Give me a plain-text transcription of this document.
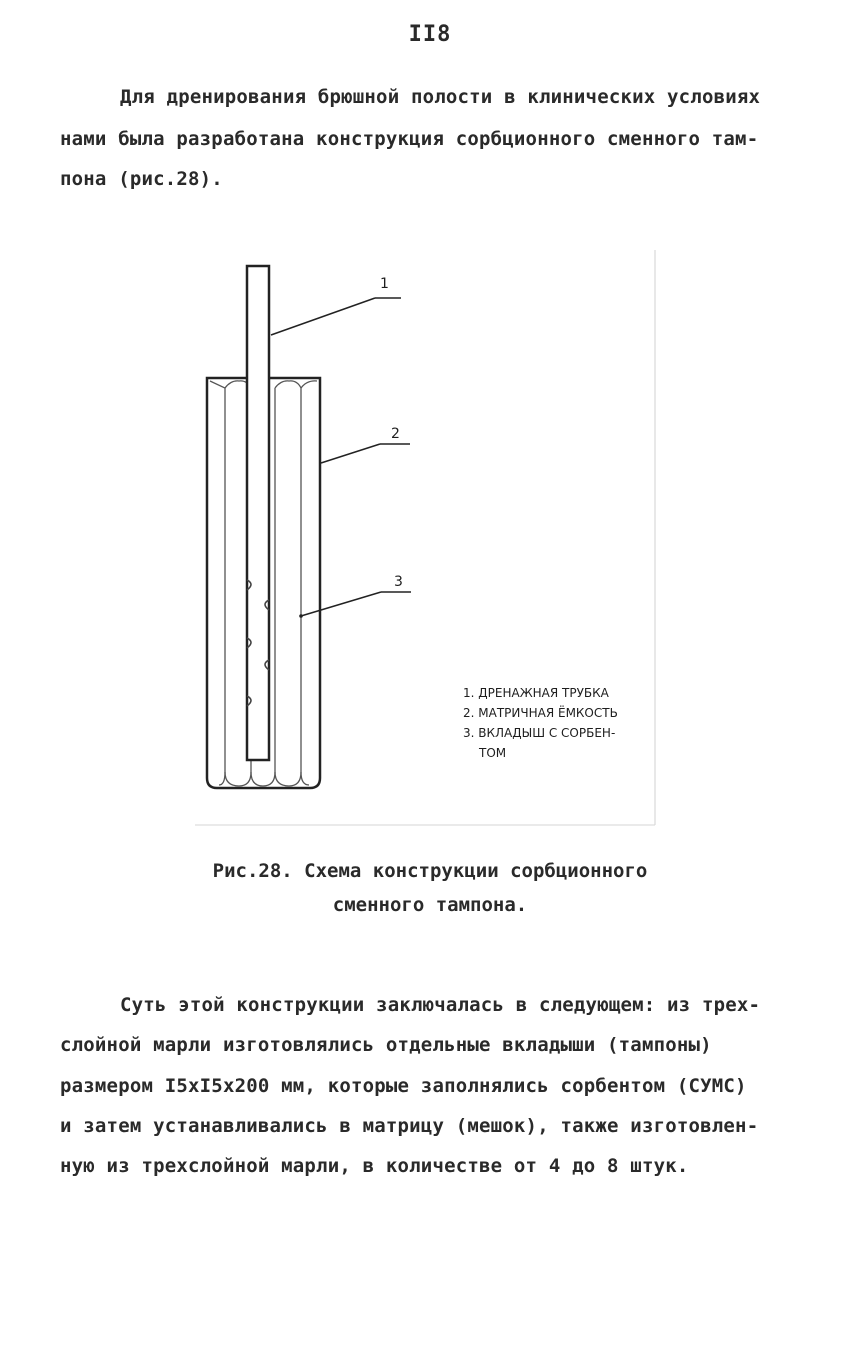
II8
Для дренирования брюшной полости в клинических условиях
нами была разработана конструкция сорбционного сменного там-
пона (рис.28).
1
2
3
1. ДРЕНАЖНАЯ ТРУБКА
2. МАТРИЧНАЯ ЁМКОСТЬ
3. ВКЛАДЫШ С СОРБЕН-
ТОМ
Рис.28. Схема конструкции сорбционного
сменного тампона.
Суть этой конструкции заключалась в следующем: из трех-
слойной марли изготовлялись отдельные вкладыши (тампоны)
размером I5хI5х200 мм, которые заполнялись сорбентом (СУМС)
и затем устанавливались в матрицу (мешок), также изготовлен-
ную из трехслойной марли, в количестве от 4 до 8 штук.
